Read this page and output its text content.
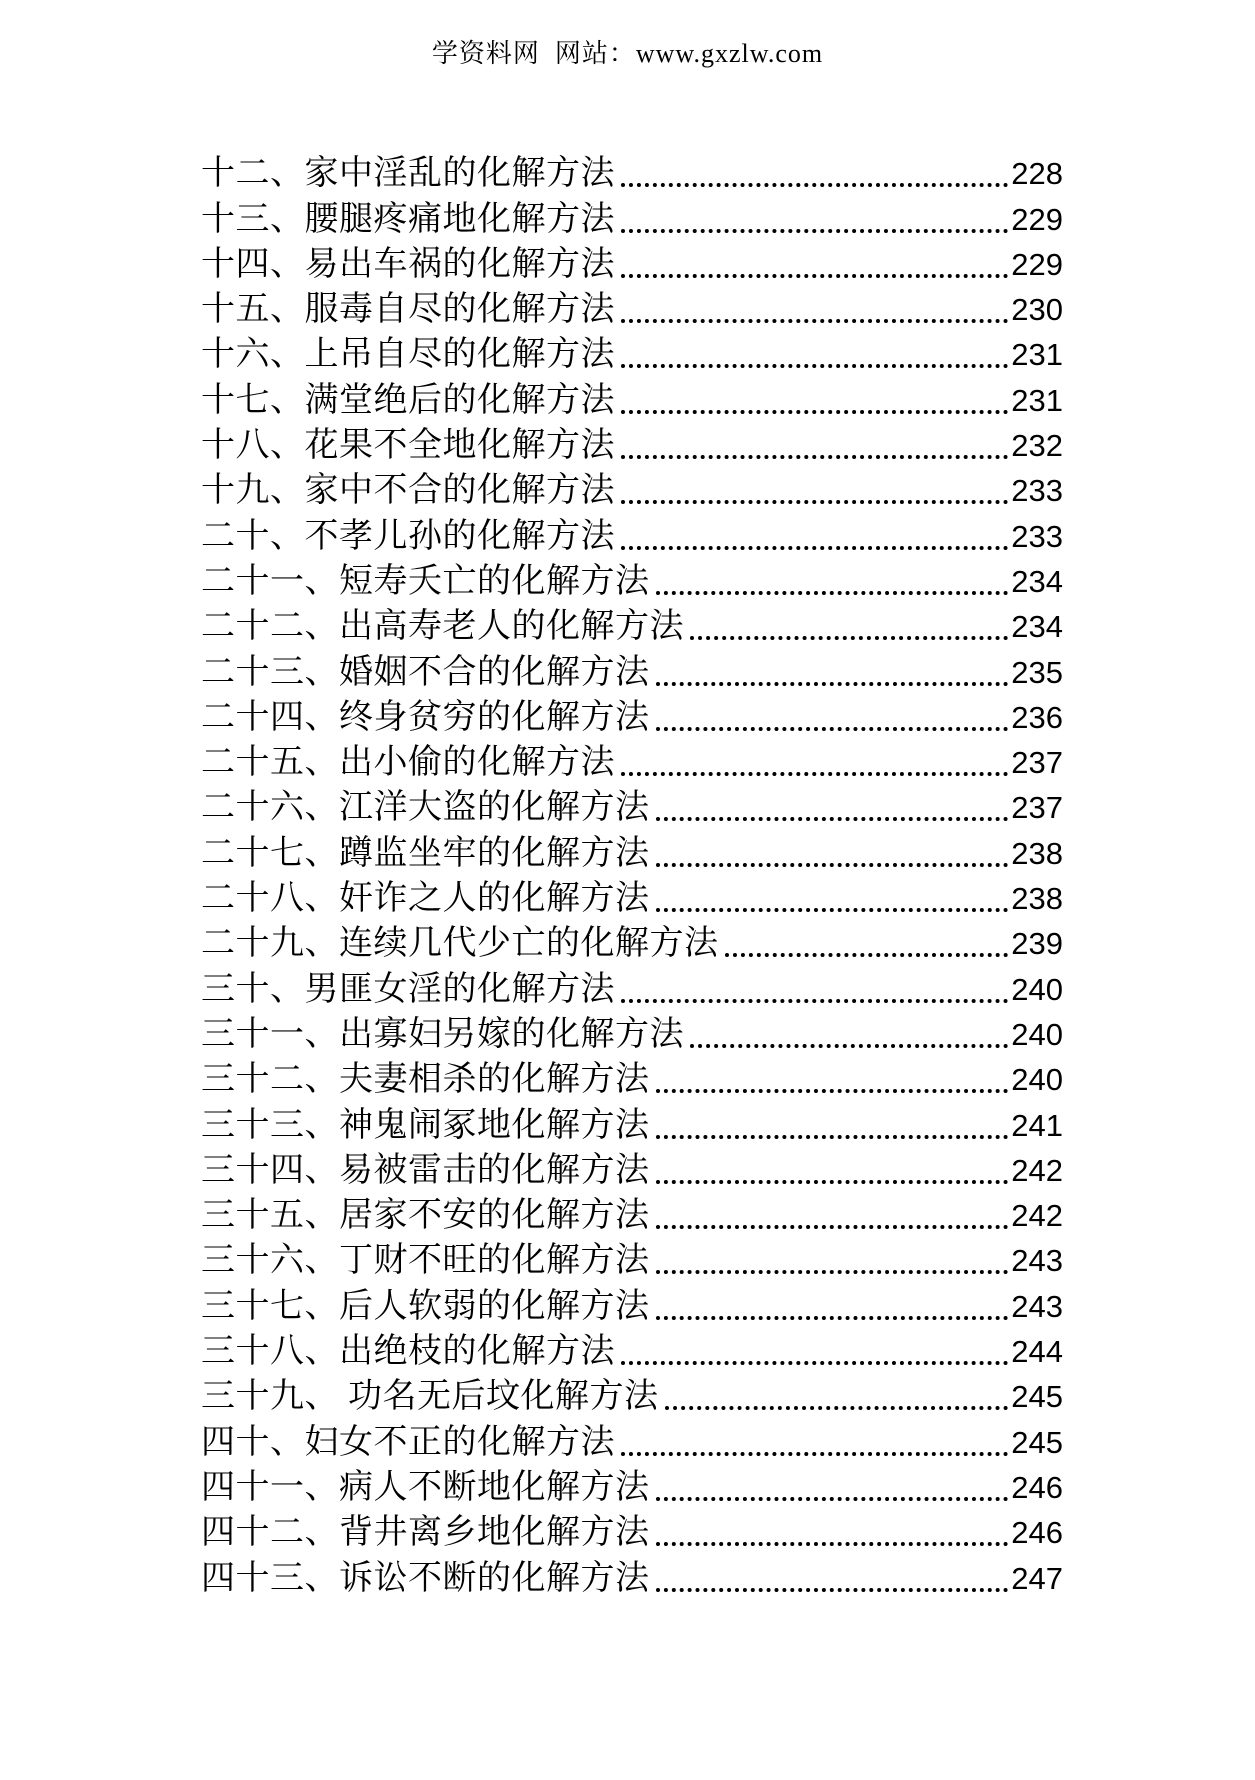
学资料网  网站：www.gxzlw.com
十二、家中淫乱的化解方法	228
十三、腰腿疼痛地化解方法	229
十四、易出车祸的化解方法	229
十五、服毒自尽的化解方法	230
十六、上吊自尽的化解方法	231
十七、满堂绝后的化解方法	231
十八、花果不全地化解方法	232
十九、家中不合的化解方法	233
二十、不孝儿孙的化解方法	233
二十一、短寿夭亡的化解方法	234
二十二、出高寿老人的化解方法	234
二十三、婚姻不合的化解方法	235
二十四、终身贫穷的化解方法	236
二十五、出小偷的化解方法	237
二十六、江洋大盗的化解方法	237
二十七、蹲监坐牢的化解方法	238
二十八、奸诈之人的化解方法	238
二十九、连续几代少亡的化解方法	239
三十、男匪女淫的化解方法	240
三十一、出寡妇另嫁的化解方法	240
三十二、夫妻相杀的化解方法	240
三十三、神鬼闹冢地化解方法	241
三十四、易被雷击的化解方法	242
三十五、居家不安的化解方法	242
三十六、丁财不旺的化解方法	243
三十七、后人软弱的化解方法	243
三十八、出绝枝的化解方法	244
三十九、 功名无后坟化解方法	245
四十、妇女不正的化解方法	245
四十一、病人不断地化解方法	246
四十二、背井离乡地化解方法	246
四十三、诉讼不断的化解方法	247
